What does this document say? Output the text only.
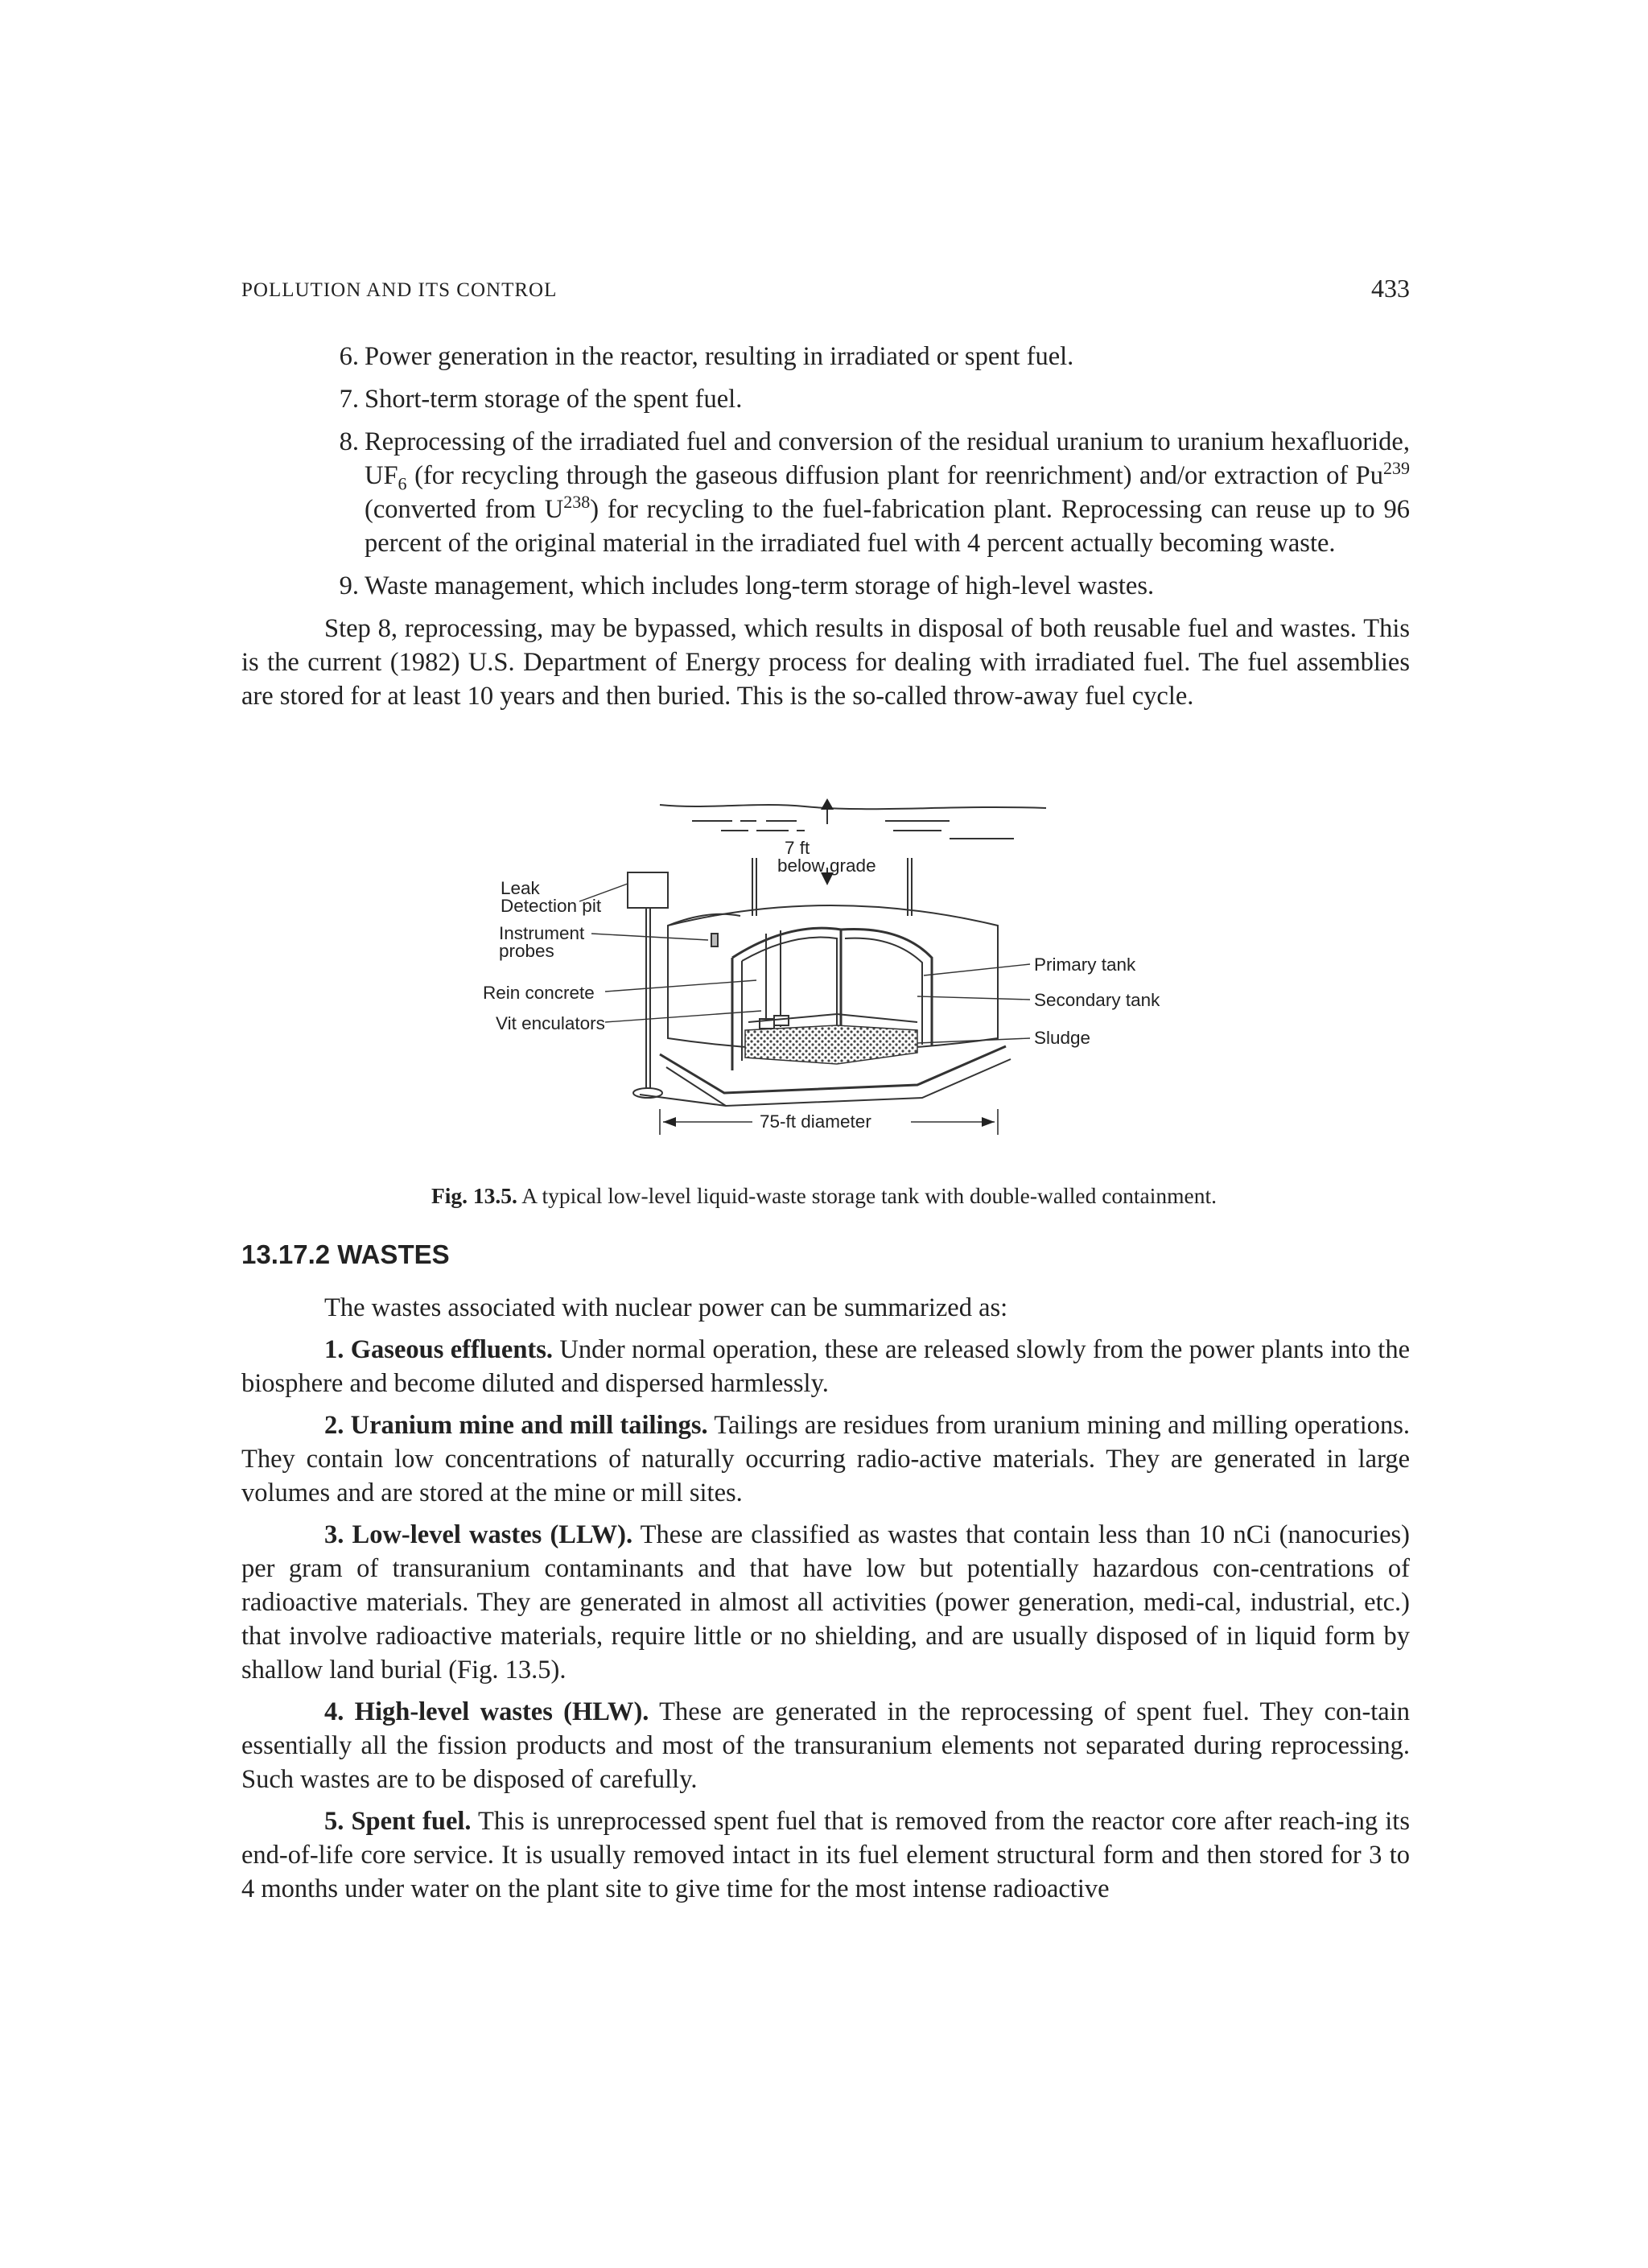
POLLUTION AND ITS CONTROL	433
6. Power generation in the reactor, resulting in irradiated or spent fuel.
7. Short-term storage of the spent fuel.
8. Reprocessing of the irradiated fuel and conversion of the residual uranium to uranium hexafluoride, $UF_6$ (for recycling through the gaseous diffusion plant for reenrichment) and/or extraction of Pu$^{239}$ (converted from $U^{238}$) for recycling to the fuel-fabrication plant. Reprocessing can reuse up to 96 percent of the original material in the irradiated fuel with 4 percent actually becoming waste.
9. Waste management, which includes long-term storage of high-level wastes.
Step 8, reprocessing, may be bypassed, which results in disposal of both reusable fuel and wastes. This is the current (1982) U.S. Department of Energy process for dealing with irradiated fuel. The fuel assemblies are stored for at least 10 years and then buried. This is the so-called throw-away fuel cycle.
7 ft
below grade
Leak
Detection pit
Instrument
probes
Rein concrete
Vit enculators
Primary tank
Secondary tank
Sludge
75-ft diameter
Fig. 13.5. A typical low-level liquid-waste storage tank with double-walled containment.
13.17.2 WASTES
The wastes associated with nuclear power can be summarized as:
1. Gaseous effluents. Under normal operation, these are released slowly from the power plants into the biosphere and become diluted and dispersed harmlessly.
2. Uranium mine and mill tailings. Tailings are residues from uranium mining and milling operations. They contain low concentrations of naturally occurring radio-active materials. They are generated in large volumes and are stored at the mine or mill sites.
3. Low-level wastes (LLW). These are classified as wastes that contain less than 10 nCi (nanocuries) per gram of transuranium contaminants and that have low but potentially hazardous con-centrations of radioactive materials. They are generated in almost all activities (power generation, medi-cal, industrial, etc.) that involve radioactive materials, require little or no shielding, and are usually disposed of in liquid form by shallow land burial (Fig. 13.5).
4. High-level wastes (HLW). These are generated in the reprocessing of spent fuel. They con-tain essentially all the fission products and most of the transuranium elements not separated during reprocessing. Such wastes are to be disposed of carefully.
5. Spent fuel. This is unreprocessed spent fuel that is removed from the reactor core after reach-ing its end-of-life core service. It is usually removed intact in its fuel element structural form and then stored for 3 to 4 months under water on the plant site to give time for the most intense radioactive
